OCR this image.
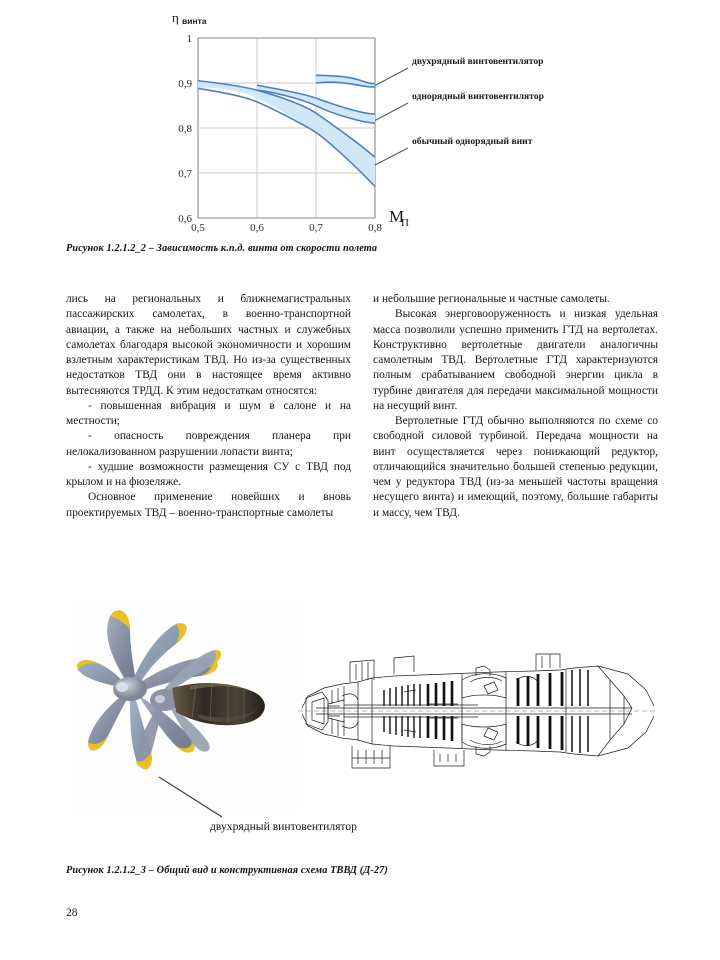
η винта
1
0,9
0,8
0,7
0,6
0,5	0,6	0,7	0,8
M
П
двухрядный винтовентилятор
однорядный винтовентилятор
обычный однорядный винт
Рисунок 1.2.1.2_2 – Зависимость к.п.д. винта от скорости полета

лись на региональных и ближнемагистральных пассажирских самолетах, в военно-транспортной авиации, а также на небольших частных и служебных самолетах благодаря высокой экономичности и хорошим взлетным характеристикам ТВД. Но из-за существенных недостатков ТВД они в настоящее время активно вытесняются ТРДД. К этим недостаткам относятся:

- повышенная вибрация и шум в салоне и на местности;

- опасность повреждения планера при нелокализованном разрушении лопасти винта;

- худшие возможности размещения СУ с ТВД под крылом и на фюзеляже.

Основное применение новейших и вновь проектируемых ТВД – военно-транспортные самолеты

и небольшие региональные и частные самолеты.

Высокая энерговооруженность и низкая удельная масса позволили успешно применить ГТД на вертолетах. Конструктивно вертолетные двигатели аналогичны самолетным ТВД. Вертолетные ГТД характеризуются полным срабатыванием свободной энергии цикла в турбине двигателя для передачи максимальной мощности на несущий винт.

Вертолетные ГТД обычно выполняются по схеме со свободной силовой турбиной. Передача мощности на винт осуществляется через понижающий редуктор, отличающийся значительно большей степенью редукции, чем у редуктора ТВД (из-за меньшей частоты вращения несущего винта) и имеющий, поэтому, большие габариты и массу, чем ТВД.

двухрядный винтовентилятор
Рисунок 1.2.1.2_3 – Общий вид и конструктивная схема ТВВД (Д-27)
28
